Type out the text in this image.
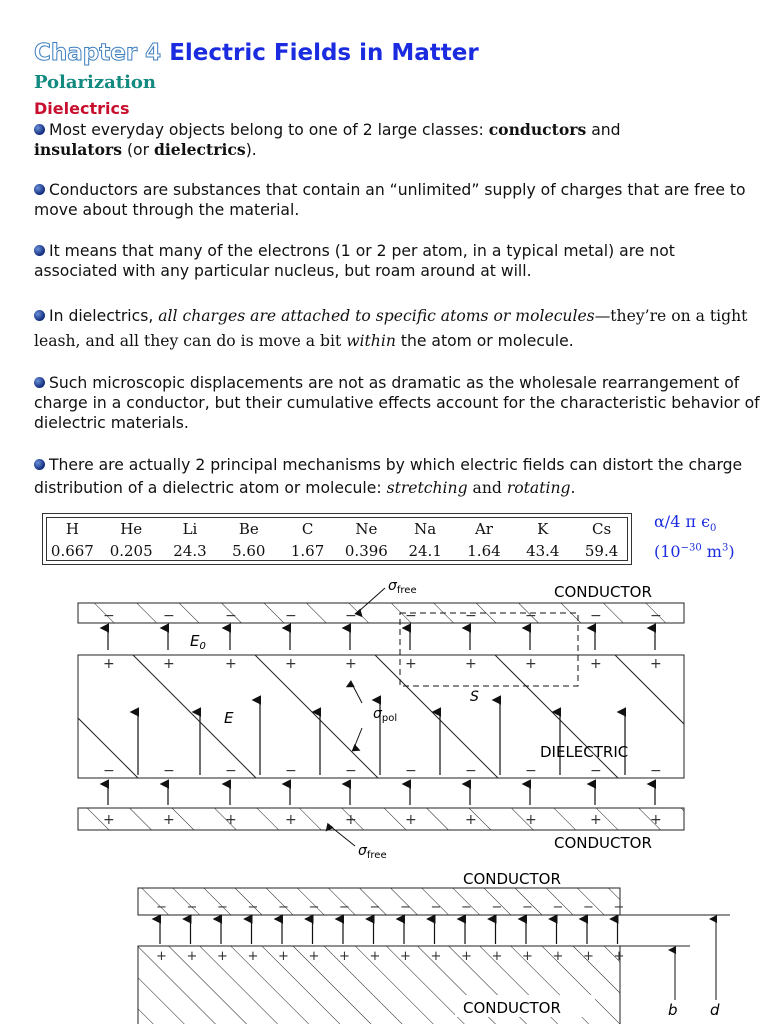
Chapter 4 Electric Fields in Matter
Polarization
Dielectrics
Most everyday objects belong to one of 2 large classes: conductors and
insulators (or dielectrics).
Conductors are substances that contain an “unlimited” supply of charges that are free to move about through the material.
It means that many of the electrons (1 or 2 per atom, in a typical metal) are not associated with any particular nucleus, but roam around at will.
In dielectrics, all charges are attached to specific atoms or molecules—they’re on a tight leash, and all they can do is move a bit within the atom or molecule.
Such microscopic displacements are not as dramatic as the wholesale rearrangement of charge in a conductor, but their cumulative effects account for the characteristic behavior of dielectric materials.
There are actually 2 principal mechanisms by which electric fields can distort the charge distribution of a dielectric atom or molecule: stretching and rotating.
H	He	Li	Be	C	Ne	Na	Ar	K	Cs
0.667 0.205	24.3	5.60	1.67	0.396	24.1	1.64	43.4	59.4
α/4 π $\epsilon_0$
($10^{-30}$ $m^3$)
+
−
−
+
+
−
−
+
+
−
−
+
+
−
−
+
+
−
−
+
+
−
−
+
+
−
−
+
+
−
−
+
+
−
−
+
+
−
−
+
S
CONDUCTOR
CONDUCTOR
DIELECTRIC
$E_0$
E
$\sigma_{free}$
$\sigma_{pol}$
$\sigma_{free}$
CONDUCTOR
CONDUCTOR
−
+
−
+
−
+
−
+
−
+
−
+
−
+
−
+
−
+
−
+
−
+
−
+
−
+
−
+
−
+
−
+
b d
